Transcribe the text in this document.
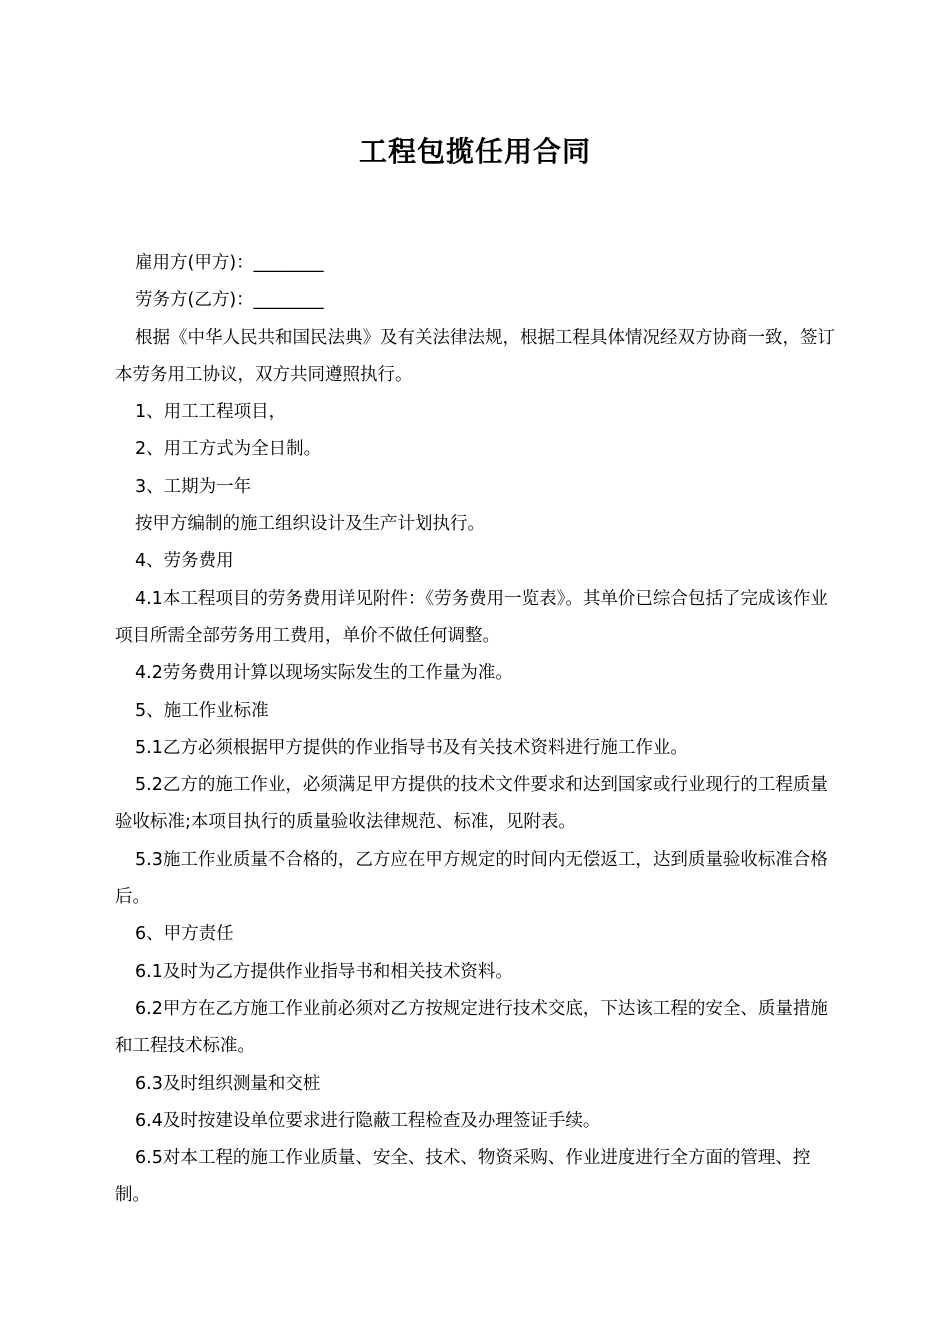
工程包揽任用合同

雇用方(甲方)：________

劳务方(乙方)：________

根据《中华人民共和国民法典》及有关法律法规，根据工程具体情况经双方协商一致，签订本劳务用工协议，双方共同遵照执行。

1、用工工程项目，

2、用工方式为全日制。

3、工期为一年

按甲方编制的施工组织设计及生产计划执行。

4、劳务费用

4.1本工程项目的劳务费用详见附件：《劳务费用一览表》。其单价已综合包括了完成该作业项目所需全部劳务用工费用，单价不做任何调整。

4.2劳务费用计算以现场实际发生的工作量为准。

5、施工作业标准

5.1乙方必须根据甲方提供的作业指导书及有关技术资料进行施工作业。

5.2乙方的施工作业，必须满足甲方提供的技术文件要求和达到国家或行业现行的工程质量验收标准;本项目执行的质量验收法律规范、标准，见附表。

5.3施工作业质量不合格的，乙方应在甲方规定的时间内无偿返工，达到质量验收标准合格后。

6、甲方责任

6.1及时为乙方提供作业指导书和相关技术资料。

6.2甲方在乙方施工作业前必须对乙方按规定进行技术交底，下达该工程的安全、质量措施和工程技术标准。

6.3及时组织测量和交桩

6.4及时按建设单位要求进行隐蔽工程检查及办理签证手续。

6.5对本工程的施工作业质量、安全、技术、物资采购、作业进度进行全方面的管理、控制。
